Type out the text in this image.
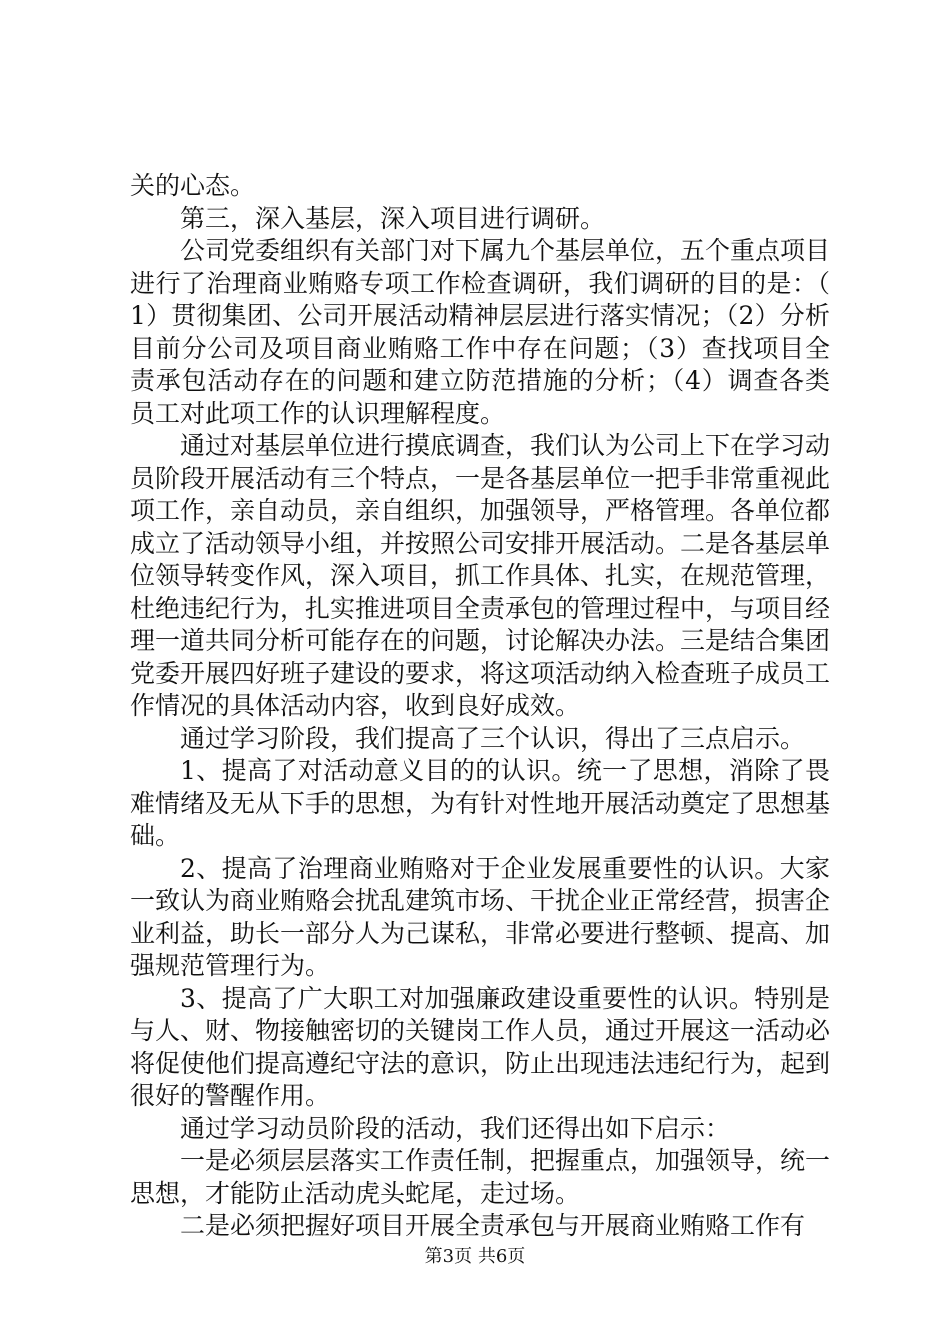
关的心态。

第三，深入基层，深入项目进行调研。

公司党委组织有关部门对下属九个基层单位，五个重点项目进行了治理商业贿赂专项工作检查调研，我们调研的目的是：（1）贯彻集团、公司开展活动精神层层进行落实情况；（2）分析目前分公司及项目商业贿赂工作中存在问题；（3）查找项目全责承包活动存在的问题和建立防范措施的分析；（4）调查各类员工对此项工作的认识理解程度。

通过对基层单位进行摸底调查，我们认为公司上下在学习动员阶段开展活动有三个特点，一是各基层单位一把手非常重视此项工作，亲自动员，亲自组织，加强领导，严格管理。各单位都成立了活动领导小组，并按照公司安排开展活动。二是各基层单位领导转变作风，深入项目，抓工作具体、扎实，在规范管理，杜绝违纪行为，扎实推进项目全责承包的管理过程中，与项目经理一道共同分析可能存在的问题，讨论解决办法。三是结合集团党委开展四好班子建设的要求，将这项活动纳入检查班子成员工作情况的具体活动内容，收到良好成效。

通过学习阶段，我们提高了三个认识，得出了三点启示。

1、提高了对活动意义目的的认识。统一了思想，消除了畏难情绪及无从下手的思想，为有针对性地开展活动奠定了思想基础。

2、提高了治理商业贿赂对于企业发展重要性的认识。大家一致认为商业贿赂会扰乱建筑市场、干扰企业正常经营，损害企业利益，助长一部分人为己谋私，非常必要进行整顿、提高、加强规范管理行为。

3、提高了广大职工对加强廉政建设重要性的认识。特别是与人、财、物接触密切的关键岗工作人员，通过开展这一活动必将促使他们提高遵纪守法的意识，防止出现违法违纪行为，起到很好的警醒作用。

通过学习动员阶段的活动，我们还得出如下启示：

一是必须层层落实工作责任制，把握重点，加强领导，统一思想，才能防止活动虎头蛇尾，走过场。

二是必须把握好项目开展全责承包与开展商业贿赂工作有

第3页 共6页
